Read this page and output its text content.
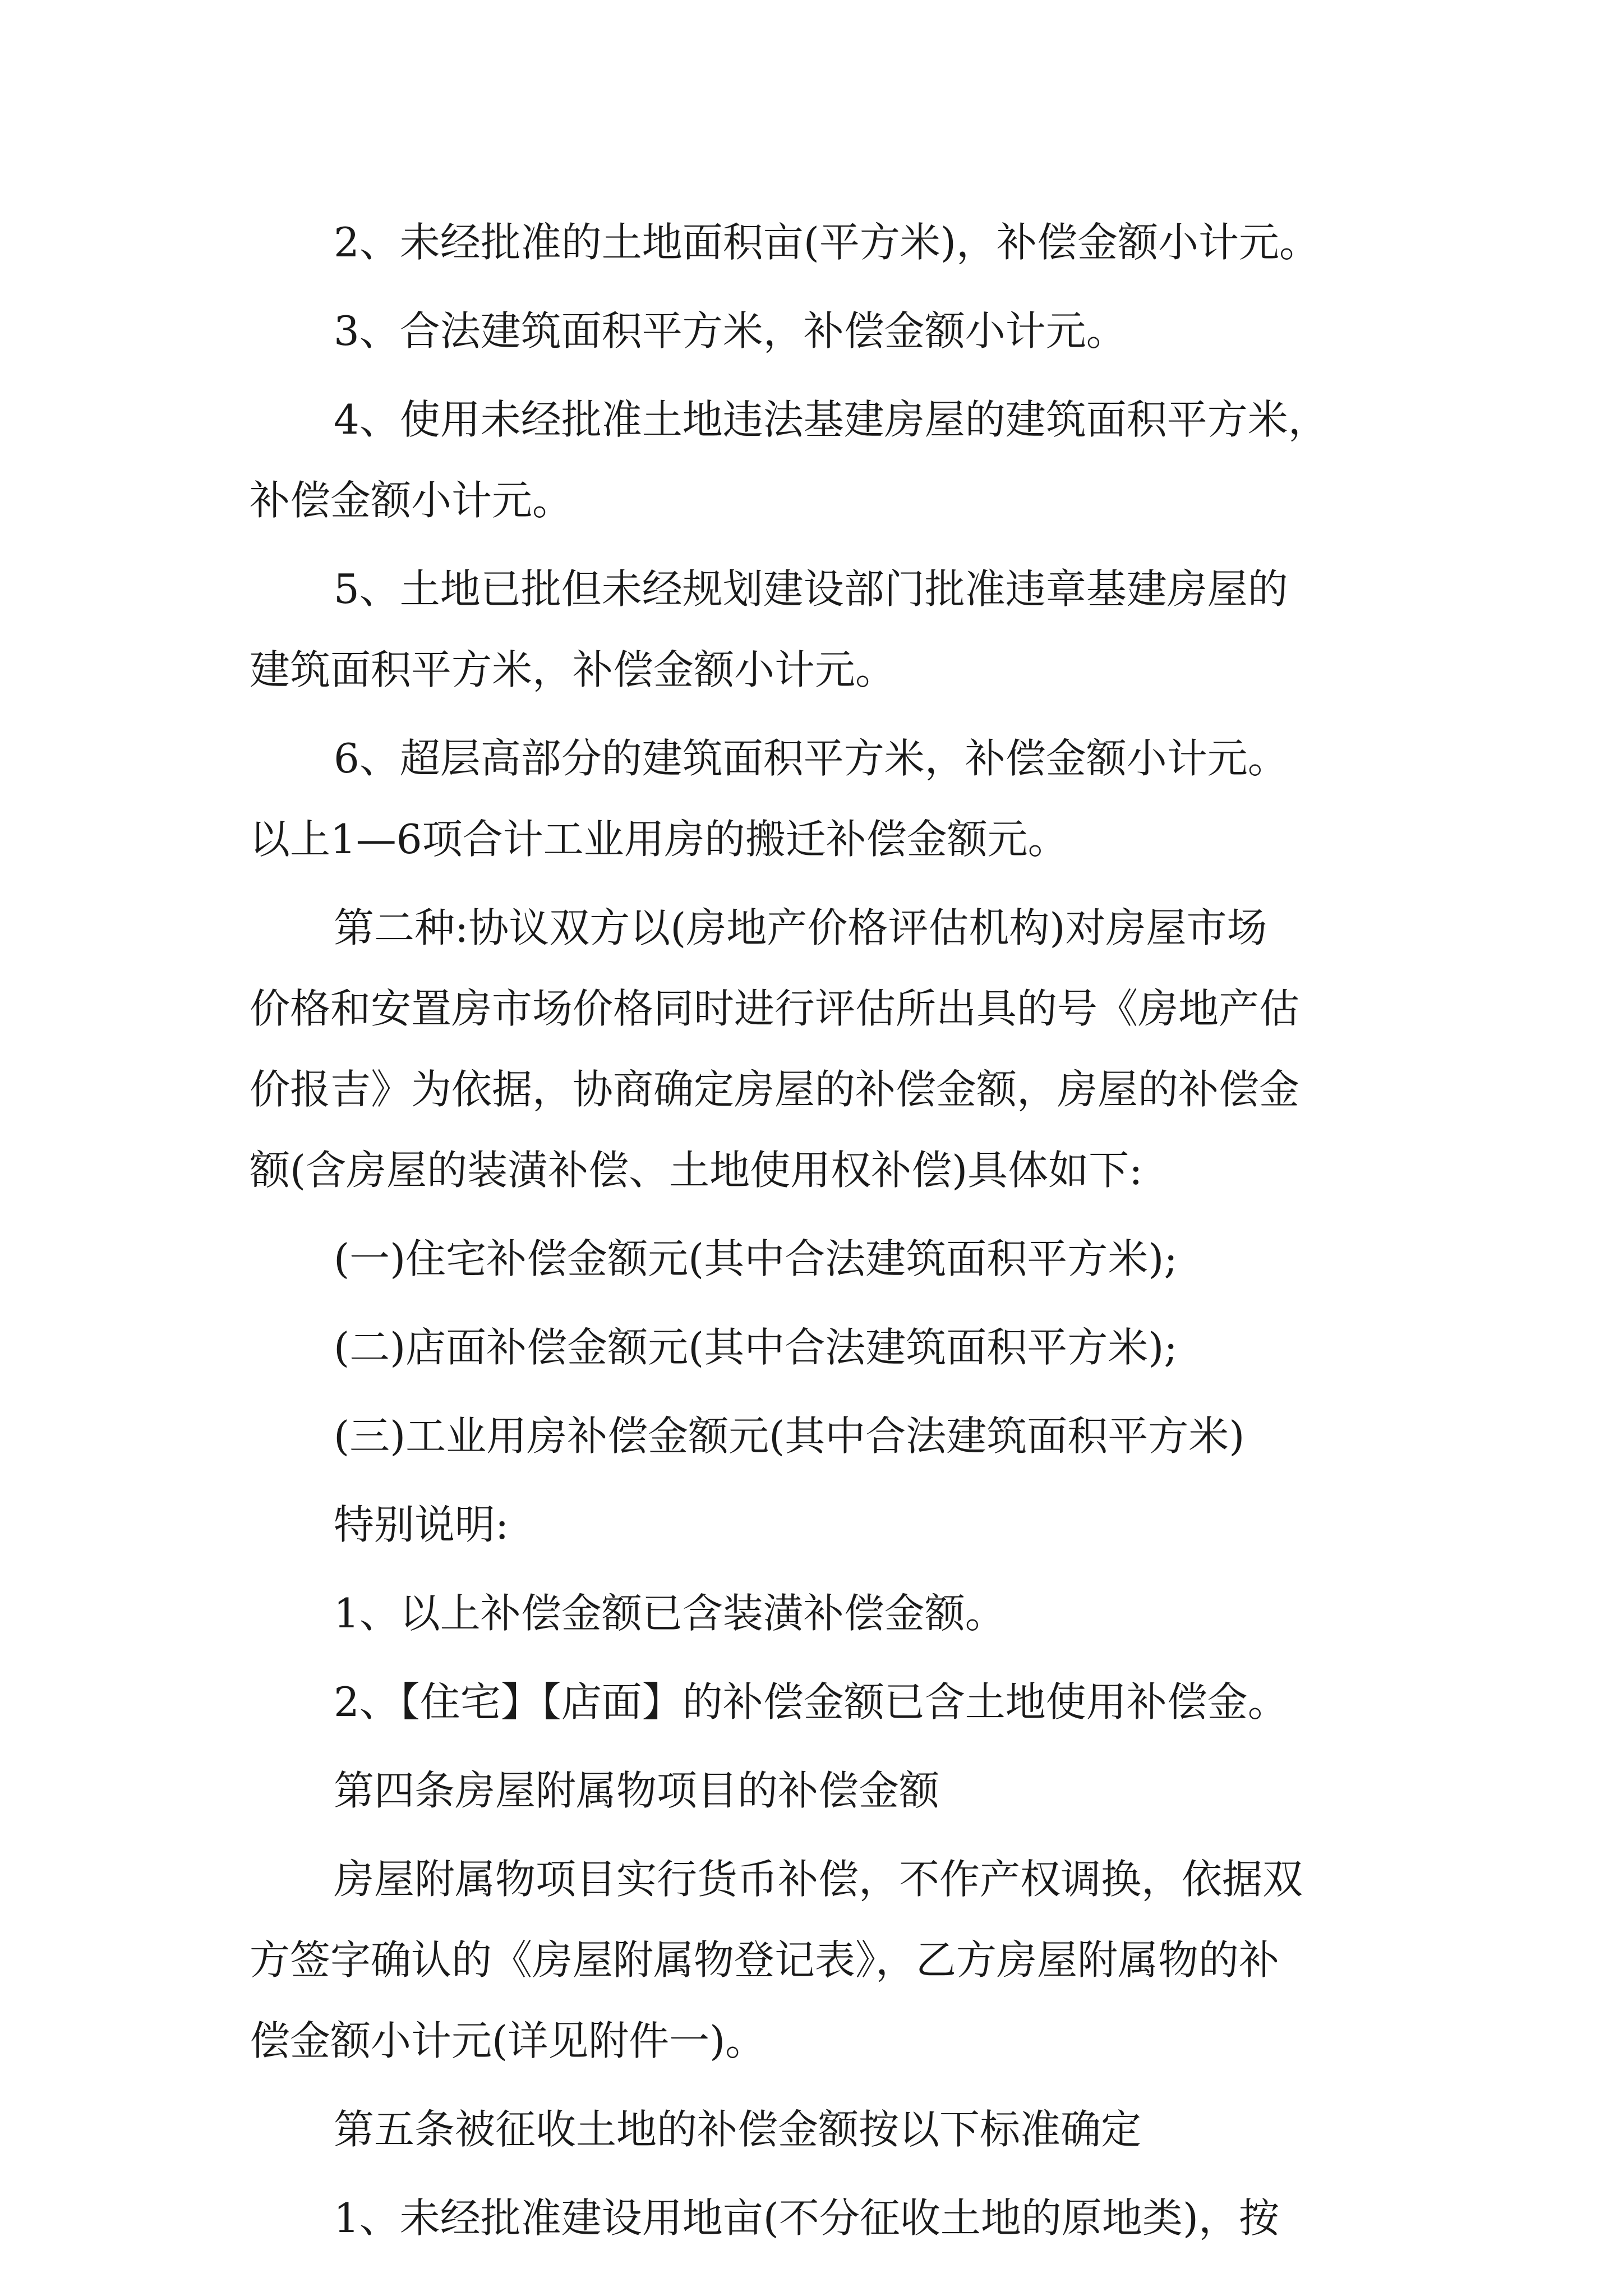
2、未经批准的土地面积亩(平方米)，补偿金额小计元。
3、合法建筑面积平方米，补偿金额小计元。
4、使用未经批准土地违法基建房屋的建筑面积平方米，
补偿金额小计元。
5、土地已批但未经规划建设部门批准违章基建房屋的
建筑面积平方米，补偿金额小计元。
6、超层高部分的建筑面积平方米，补偿金额小计元。
以上1—6项合计工业用房的搬迁补偿金额元。
第二种:协议双方以(房地产价格评估机构)对房屋市场
价格和安置房市场价格同时进行评估所出具的号《房地产估
价报吉》为依据，协商确定房屋的补偿金额，房屋的补偿金
额(含房屋的装潢补偿、土地使用权补偿)具体如下:
(一)住宅补偿金额元(其中合法建筑面积平方米);
(二)店面补偿金额元(其中合法建筑面积平方米);
(三)工业用房补偿金额元(其中合法建筑面积平方米)
特别说明:
1、以上补偿金额已含装潢补偿金额。
2、【住宅】【店面】的补偿金额已含土地使用补偿金。
第四条房屋附属物项目的补偿金额
房屋附属物项目实行货币补偿，不作产权调换，依据双
方签字确认的《房屋附属物登记表》，乙方房屋附属物的补
偿金额小计元(详见附件一)。
第五条被征收土地的补偿金额按以下标准确定
1、未经批准建设用地亩(不分征收土地的原地类)，按
